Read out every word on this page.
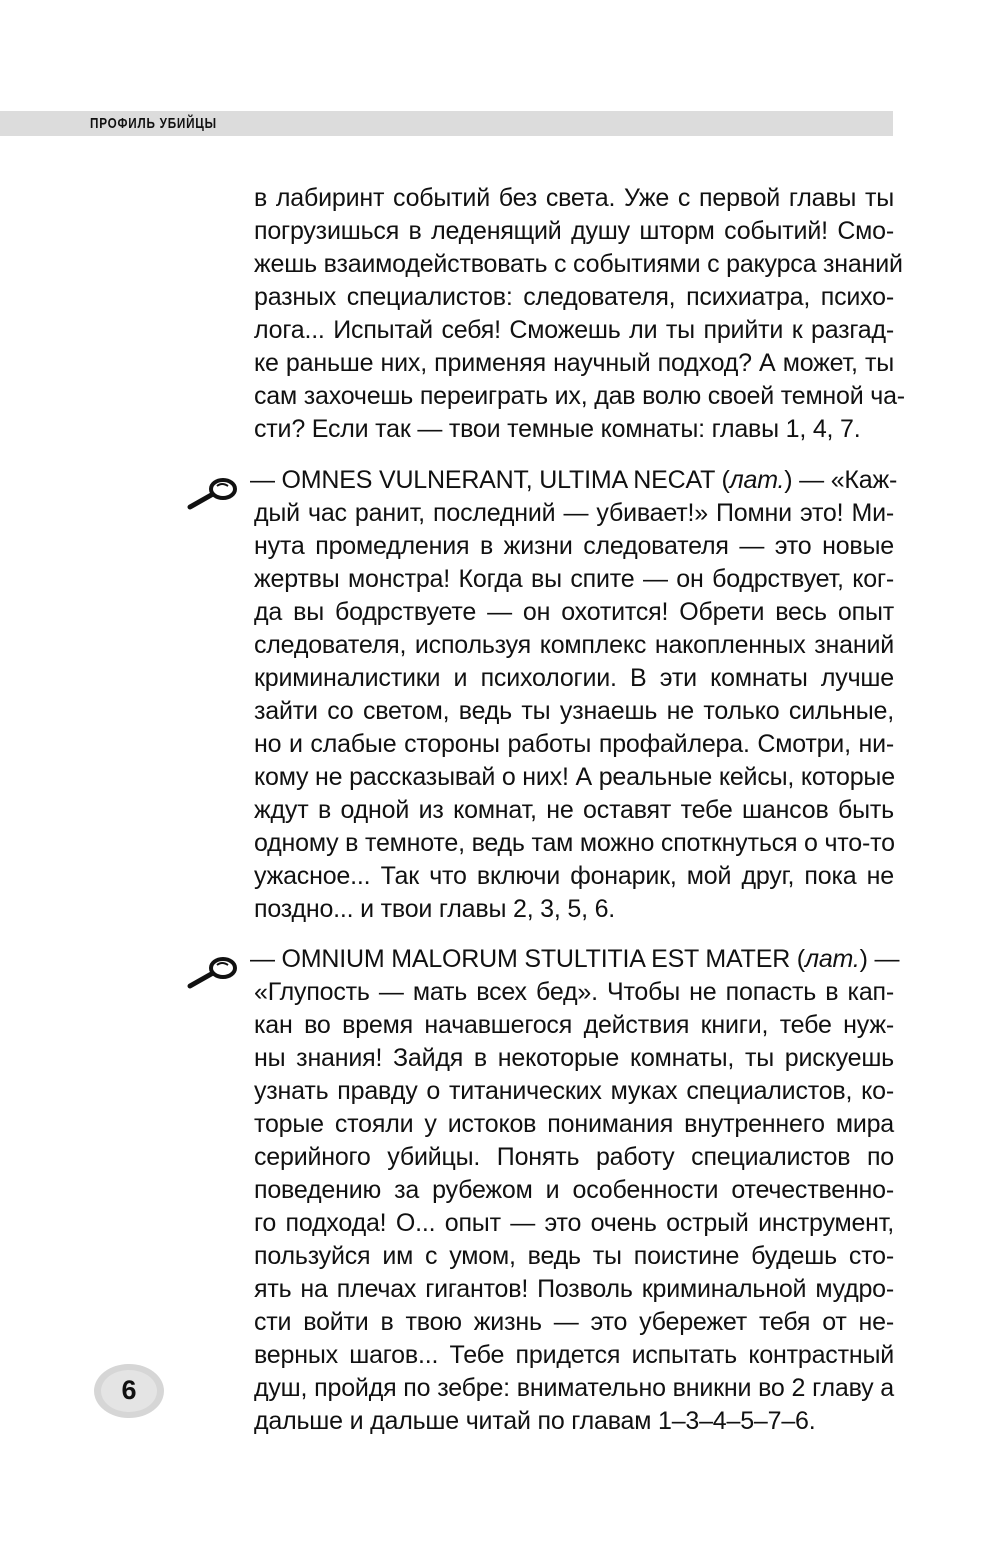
ПРОФИЛЬ УБИЙЦЫ
в лабиринт событий без света. Уже с первой главы ты
погрузишься в леденящий душу шторм событий! Смо-
жешь взаимодействовать с событиями с ракурса знаний
разных специалистов: следователя, психиатра, психо-
лога... Испытай себя! Сможешь ли ты прийти к разгад-
ке раньше них, применяя научный подход? А может, ты
сам захочешь переиграть их, дав волю своей темной ча-
сти? Если так — твои темные комнаты: главы 1, 4, 7.
— OMNES VULNERANT, ULTIMA NECAT (лат.) — «Каж-
дый час ранит, последний — убивает!» Помни это! Ми-
нута промедления в жизни следователя — это новые
жертвы монстра! Когда вы спите — он бодрствует, ког-
да вы бодрствуете — он охотится! Обрети весь опыт
следователя, используя комплекс накопленных знаний
криминалистики и психологии. В эти комнаты лучше
зайти со светом, ведь ты узнаешь не только сильные,
но и слабые стороны работы профайлера. Смотри, ни-
кому не рассказывай о них! А реальные кейсы, которые
ждут в одной из комнат, не оставят тебе шансов быть
одному в темноте, ведь там можно споткнуться о что-то
ужасное... Так что включи фонарик, мой друг, пока не
поздно... и твои главы 2, 3, 5, 6.
— OMNIUM MALORUM STULTITIA EST MATER (лат.) —
«Глупость — мать всех бед». Чтобы не попасть в кап-
кан во время начавшегося действия книги, тебе нуж-
ны знания! Зайдя в некоторые комнаты, ты рискуешь
узнать правду о титанических муках специалистов, ко-
торые стояли у истоков понимания внутреннего мира
серийного убийцы. Понять работу специалистов по
поведению за рубежом и особенности отечественно-
го подхода! О... опыт — это очень острый инструмент,
пользуйся им с умом, ведь ты поистине будешь сто-
ять на плечах гигантов! Позволь криминальной мудро-
сти войти в твою жизнь — это убережет тебя от не-
верных шагов... Тебе придется испытать контрастный
душ, пройдя по зебре: внимательно вникни во 2 главу а
дальше и дальше читай по главам 1–3–4–5–7–6.
6
